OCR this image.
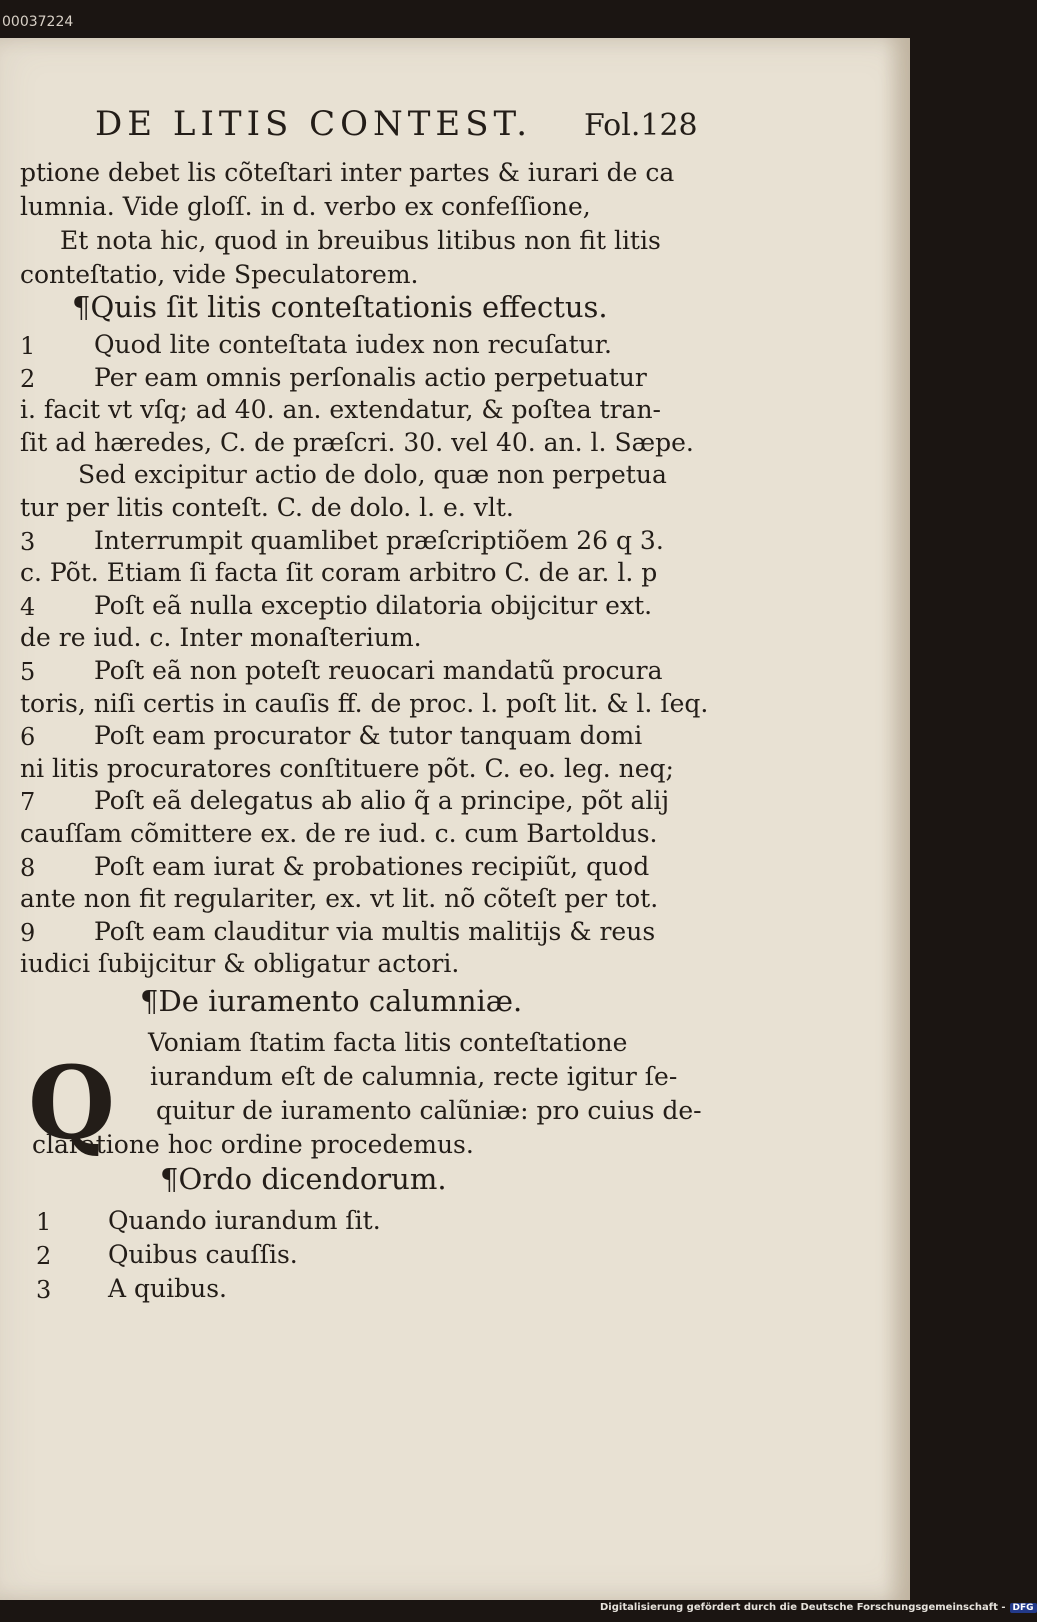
00037224
DE LITIS CONTEST. Fol.128
ptione debet lis cõteſtari inter partes & iurari de ca
lumnia. Vide gloſſ. in d. verbo ex confeſſione,
Et nota hic, quod in breuibus litibus non fit litis
conteſtatio, vide Speculatorem.
¶Quis ſit litis conteſtationis effectus.
¶De iuramento calumniæ.
Q
Voniam ſtatim facta litis conteſtatione
iurandum eſt de calumnia, recte igitur ſe‑
quitur de iuramento calũniæ: pro cuius de‑
claratione hoc ordine procedemus.
¶Ordo dicendorum.
1 Quando iurandum ſit.
2 Quibus cauſſis.
3 A quibus.
1 Quod lite conteſtata iudex non recuſatur.
2 Per eam omnis perſonalis actio perpetuatur
i. facit vt vſq; ad 40. an. extendatur, & poſtea tran‑
ſit ad hæredes, C. de præſcri. 30. vel 40. an. l. Sæpe.
Sed excipitur actio de dolo, quæ non perpetua
tur per litis conteſt. C. de dolo. l. e. vlt.
3 Interrumpit quamlibet præſcriptiõem 26 q 3.
c. Põt. Etiam ſi facta ſit coram arbitro C. de ar. l. p
4 Poſt eã nulla exceptio dilatoria obijcitur ext.
de re iud. c. Inter monaſterium.
5 Poſt eã non poteſt reuocari mandatũ procura
toris, niſi certis in cauſis ff. de proc. l. poſt lit. & l. ſeq.
6 Poſt eam procurator & tutor tanquam domi
ni litis procuratores conſtituere põt. C. eo. leg. neq;
7 Poſt eã delegatus ab alio q̃ a principe, põt alij
cauſſam cõmittere ex. de re iud. c. cum Bartoldus.
8 Poſt eam iurat & probationes recipiũt, quod
ante non fit regulariter, ex. vt lit. nõ cõteſt per tot.
9 Poſt eam clauditur via multis malitijs & reus
iudici ſubijcitur & obligatur actori.
Digitalisierung gefördert durch die Deutsche Forschungsgemeinschaft - DFG
